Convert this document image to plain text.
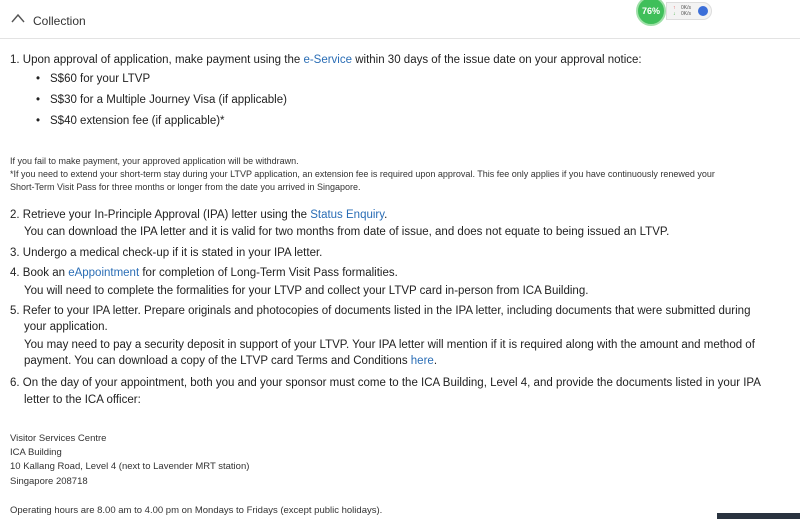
Collection
↑
↓
0K/s
0K/s
76%
1. Upon approval of application, make payment using the e-Service within 30 days of the issue date on your approval notice:
• S$60 for your LTVP
• S$30 for a Multiple Journey Visa (if applicable)
• S$40 extension fee (if applicable)*
If you fail to make payment, your approved application will be withdrawn.
*If you need to extend your short-term stay during your LTVP application, an extension fee is required upon approval. This fee only applies if you have continuously renewed your
Short-Term Visit Pass for three months or longer from the date you arrived in Singapore.
2. Retrieve your In-Principle Approval (IPA) letter using the Status Enquiry.
You can download the IPA letter and it is valid for two months from date of issue, and does not equate to being issued an LTVP.
3. Undergo a medical check-up if it is stated in your IPA letter.
4. Book an eAppointment for completion of Long-Term Visit Pass formalities.
You will need to complete the formalities for your LTVP and collect your LTVP card in-person from ICA Building.
5. Refer to your IPA letter. Prepare originals and photocopies of documents listed in the IPA letter, including documents that were submitted during
your application.
You may need to pay a security deposit in support of your LTVP. Your IPA letter will mention if it is required along with the amount and method of
payment. You can download a copy of the LTVP card Terms and Conditions here.
6. On the day of your appointment, both you and your sponsor must come to the ICA Building, Level 4, and provide the documents listed in your IPA
letter to the ICA officer:
Visitor Services Centre
ICA Building
10 Kallang Road, Level 4 (next to Lavender MRT station)
Singapore 208718
Operating hours are 8.00 am to 4.00 pm on Mondays to Fridays (except public holidays).
